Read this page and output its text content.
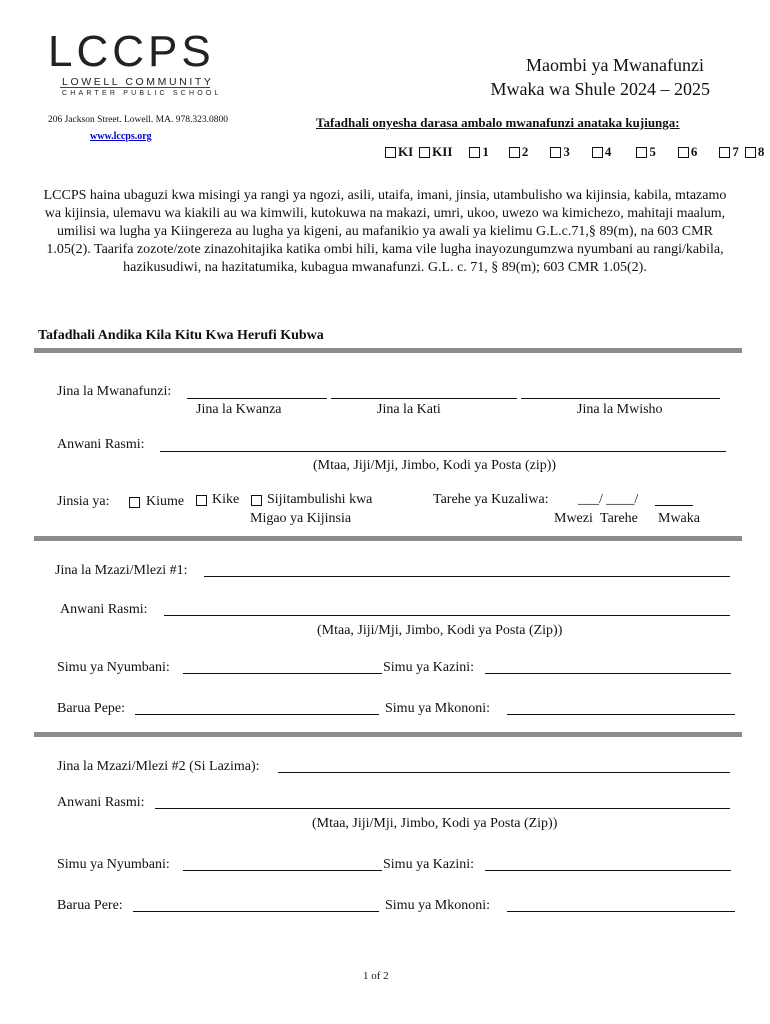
LCCPS
LOWELL COMMUNITY
CHARTER PUBLIC SCHOOL
206 Jackson Street. Lowell. MA. 978.323.0800
www.lccps.org
Maombi ya Mwanafunzi
Mwaka wa Shule 2024 – 2025
Tafadhali onyesha darasa ambalo mwanafunzi anataka kujiunga:
KI KII 1	2	3	4	5	6	7 8
LCCPS haina ubaguzi kwa misingi ya rangi ya ngozi, asili, utaifa, imani, jinsia, utambulisho wa kijinsia, kabila, mtazamo wa kijinsia, ulemavu wa kiakili au wa kimwili, kutokuwa na makazi, umri, ukoo, uwezo wa kimichezo, mahitaji maalum, umilisi wa lugha ya Kiingereza au lugha ya kigeni, au mafanikio ya awali ya kielimu G.L.c.71,§ 89(m), na 603 CMR 1.05(2). Taarifa zozote/zote zinazohitajika katika ombi hili, kama vile lugha inayozungumzwa nyumbani au rangi/kabila, hazikusudiwi, na hazitatumika, kubagua mwanafunzi. G.L. c. 71, § 89(m); 603 CMR 1.05(2).
Tafadhali Andika Kila Kitu Kwa Herufi Kubwa
Jina la Mwanafunzi:
Jina la Kwanza	Jina la Kati	Jina la Mwisho
Anwani Rasmi:
(Mtaa, Jiji/Mji, Jimbo, Kodi ya Posta (zip))
Jinsia ya:	Kiume Kike Sijitambulishi kwa
Migao ya Kijinsia
Tarehe ya Kuzaliwa: ___/ ____/
Mwezi Tarehe Mwaka
Jina la Mzazi/Mlezi #1:
Anwani Rasmi:
(Mtaa, Jiji/Mji, Jimbo, Kodi ya Posta (Zip))
Simu ya Nyumbani:	Simu ya Kazini:
Barua Pepe:	Simu ya Mkononi:
Jina la Mzazi/Mlezi #2 (Si Lazima):
Anwani Rasmi:
(Mtaa, Jiji/Mji, Jimbo, Kodi ya Posta (Zip))
Simu ya Nyumbani:	Simu ya Kazini:
Barua Pere:	Simu ya Mkononi:
1 of 2
